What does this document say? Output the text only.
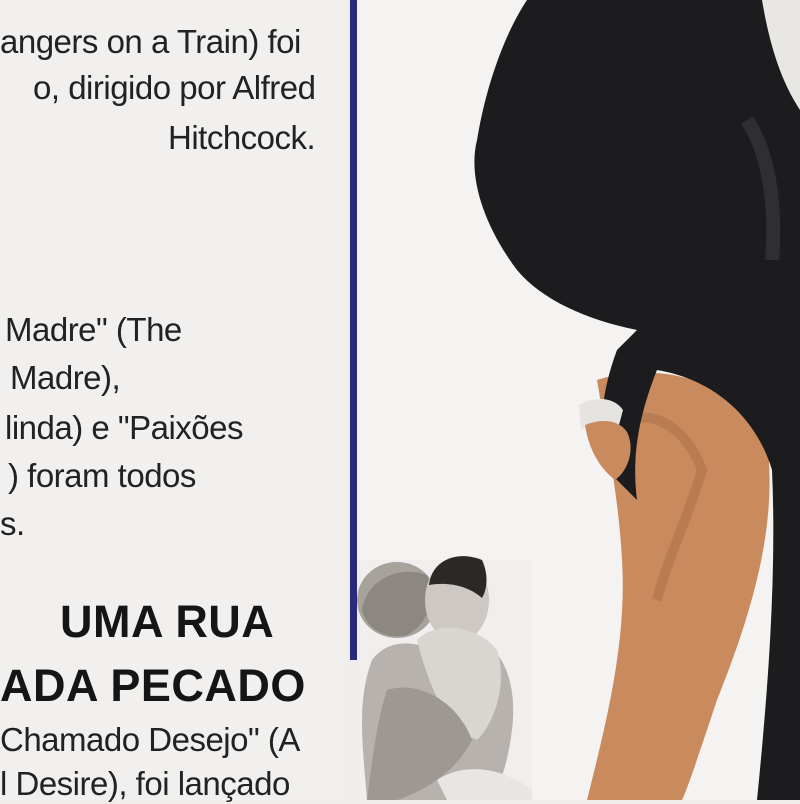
angers on a Train) foi
o, dirigido por Alfred
Hitchcock.
Madre" (The
Madre),
linda) e "Paixões
) foram todos
s.
UMA RUA
ADA PECADO
Chamado Desejo" (A
l Desire), foi lançado
